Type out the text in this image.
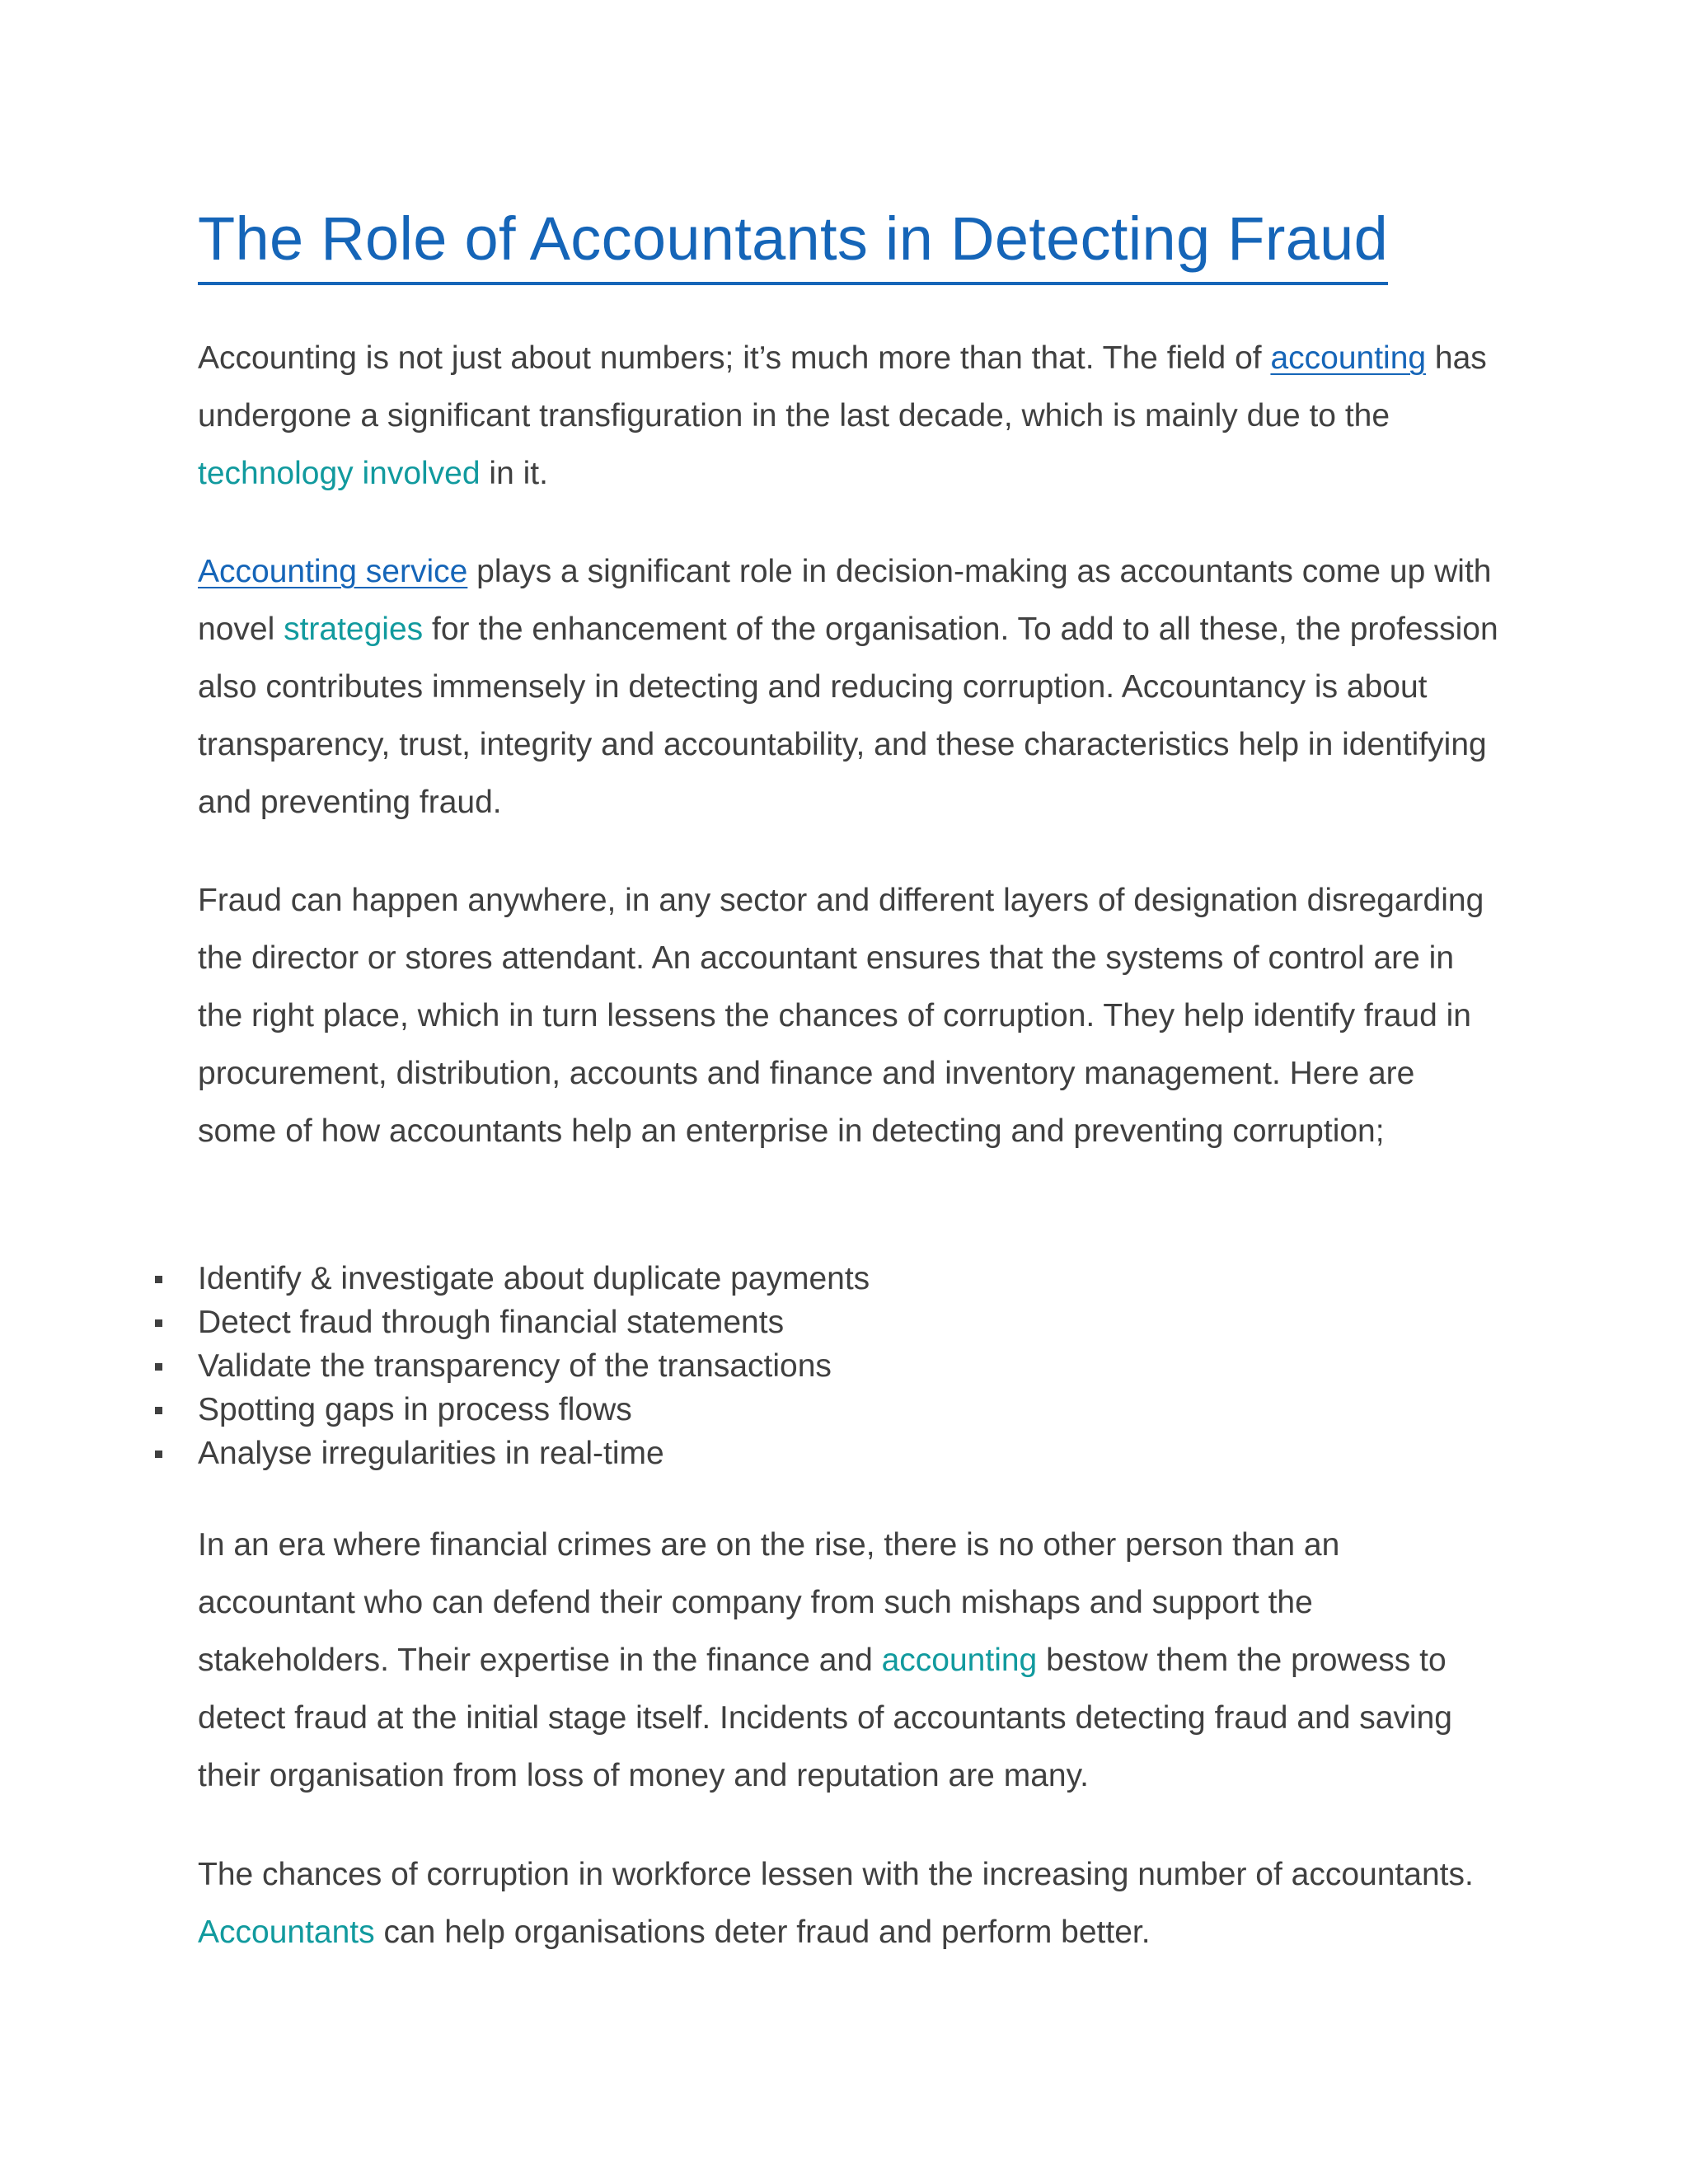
The Role of Accountants in Detecting Fraud

Accounting is not just about numbers; it’s much more than that. The field of accounting has undergone a significant transfiguration in the last decade, which is mainly due to the technology involved in it.

Accounting service plays a significant role in decision-making as accountants come up with novel strategies for the enhancement of the organisation. To add to all these, the profession also contributes immensely in detecting and reducing corruption. Accountancy is about transparency, trust, integrity and accountability, and these characteristics help in identifying and preventing fraud.

Fraud can happen anywhere, in any sector and different layers of designation disregarding the director or stores attendant. An accountant ensures that the systems of control are in the right place, which in turn lessens the chances of corruption. They help identify fraud in procurement, distribution, accounts and finance and inventory management. Here are some of how accountants help an enterprise in detecting and preventing corruption;

Identify & investigate about duplicate payments
Detect fraud through financial statements
Validate the transparency of the transactions
Spotting gaps in process flows
Analyse irregularities in real-time

In an era where financial crimes are on the rise, there is no other person than an accountant who can defend their company from such mishaps and support the stakeholders. Their expertise in the finance and accounting bestow them the prowess to detect fraud at the initial stage itself. Incidents of accountants detecting fraud and saving their organisation from loss of money and reputation are many.

The chances of corruption in workforce lessen with the increasing number of accountants. Accountants can help organisations deter fraud and perform better.
